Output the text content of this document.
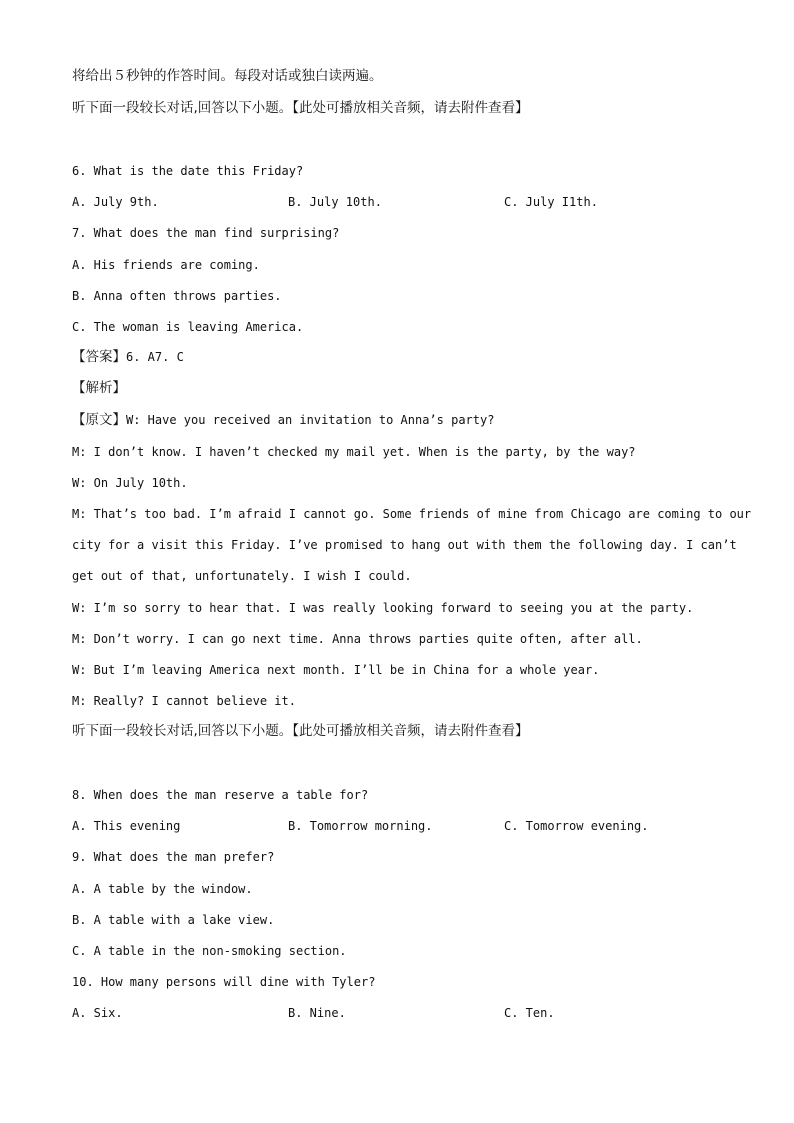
将给出５秒钟的作答时间。每段对话或独白读两遍。
听下面一段较长对话,回答以下小题。【此处可播放相关音频，请去附件查看】
6. What is the date this Friday?
A. July 9th.	B. July 10th.	C. July I1th.
7. What does the man find surprising?
A. His friends are coming.
B. Anna often throws parties.
C. The woman is leaving America.
【答案】6. A7. C
【解析】
【原文】W: Have you received an invitation to Anna’s party?
M: I don’t know. I haven’t checked my mail yet. When is the party, by the way?
W: On July 10th.
M: That’s too bad. I’m afraid I cannot go. Some friends of mine from Chicago are coming to our
city for a visit this Friday. I’ve promised to hang out with them the following day. I can’t
get out of that, unfortunately. I wish I could.
W: I’m so sorry to hear that. I was really looking forward to seeing you at the party.
M: Don’t worry. I can go next time. Anna throws parties quite often, after all.
W: But I’m leaving America next month. I’ll be in China for a whole year.
M: Really? I cannot believe it.
听下面一段较长对话,回答以下小题。【此处可播放相关音频，请去附件查看】
8. When does the man reserve a table for?
A. This evening	B. Tomorrow morning.	C. Tomorrow evening.
9. What does the man prefer?
A. A table by the window.
B. A table with a lake view.
C. A table in the non-smoking section.
10. How many persons will dine with Tyler?
A. Six.	B. Nine.	C. Ten.
